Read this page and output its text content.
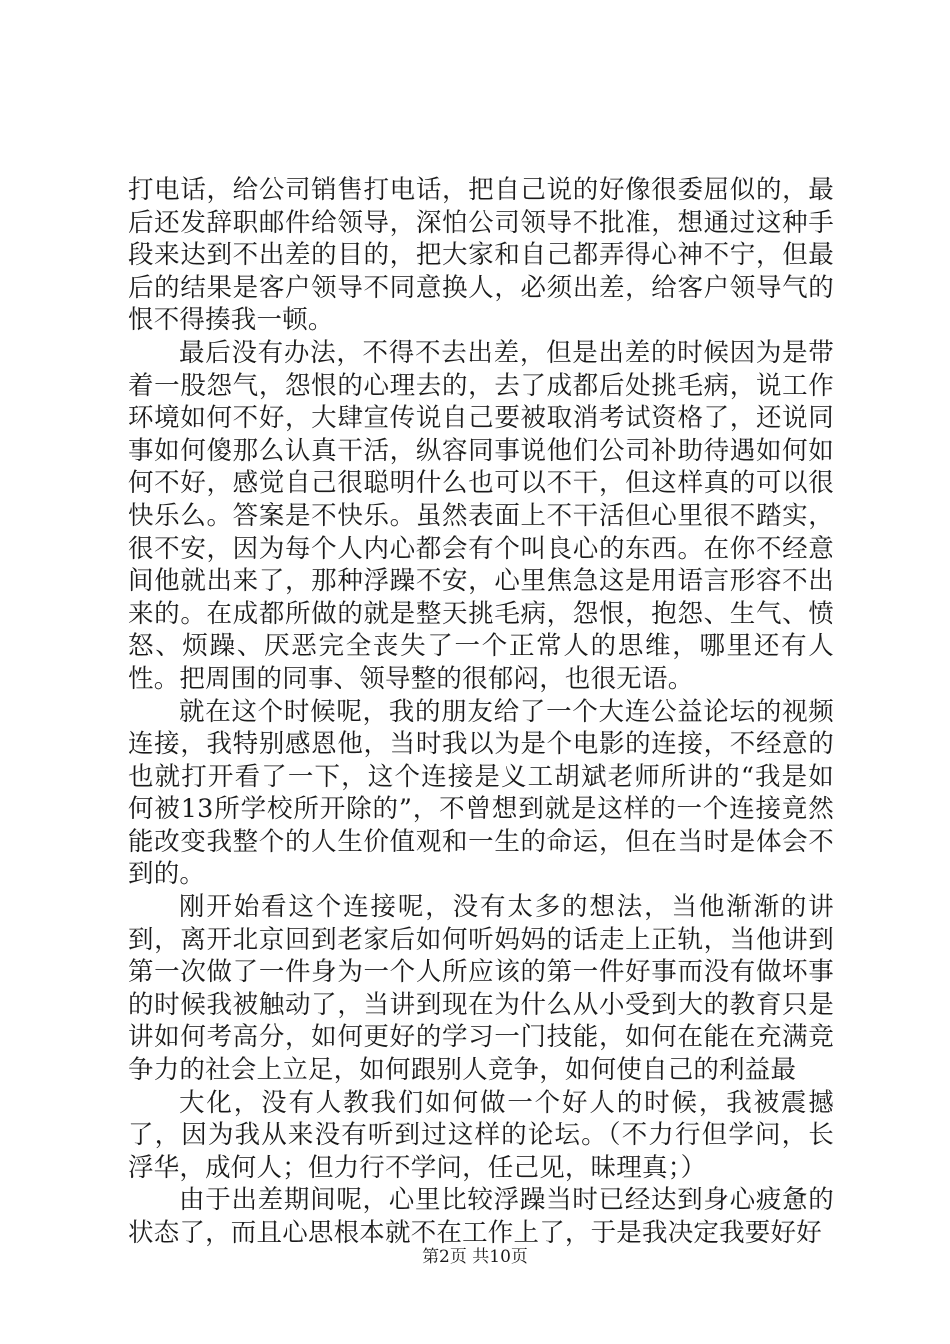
打电话，给公司销售打电话，把自己说的好像很委屈似的，最后还发辞职邮件给领导，深怕公司领导不批准，想通过这种手段来达到不出差的目的，把大家和自己都弄得心神不宁，但最后的结果是客户领导不同意换人，必须出差，给客户领导气的恨不得揍我一顿。

最后没有办法，不得不去出差，但是出差的时候因为是带着一股怨气，怨恨的心理去的，去了成都后处挑毛病，说工作环境如何不好，大肆宣传说自己要被取消考试资格了，还说同事如何傻那么认真干活，纵容同事说他们公司补助待遇如何如何不好，感觉自己很聪明什么也可以不干，但这样真的可以很快乐么。答案是不快乐。虽然表面上不干活但心里很不踏实，很不安，因为每个人内心都会有个叫良心的东西。在你不经意间他就出来了，那种浮躁不安，心里焦急这是用语言形容不出来的。在成都所做的就是整天挑毛病，怨恨，抱怨、生气、愤怒、烦躁、厌恶完全丧失了一个正常人的思维，哪里还有人性。把周围的同事、领导整的很郁闷，也很无语。

就在这个时候呢，我的朋友给了一个大连公益论坛的视频连接，我特别感恩他，当时我以为是个电影的连接，不经意的也就打开看了一下，这个连接是义工胡斌老师所讲的“我是如何被13所学校所开除的”，不曾想到就是这样的一个连接竟然能改变我整个的人生价值观和一生的命运，但在当时是体会不到的。

刚开始看这个连接呢，没有太多的想法，当他渐渐的讲到，离开北京回到老家后如何听妈妈的话走上正轨，当他讲到第一次做了一件身为一个人所应该的第一件好事而没有做坏事的时候我被触动了，当讲到现在为什么从小受到大的教育只是讲如何考高分，如何更好的学习一门技能，如何在能在充满竞争力的社会上立足，如何跟别人竞争，如何使自己的利益最

大化，没有人教我们如何做一个好人的时候，我被震撼了，因为我从来没有听到过这样的论坛。（不力行但学问，长浮华，成何人；但力行不学问，任己见，昧理真；）

由于出差期间呢，心里比较浮躁当时已经达到身心疲惫的状态了，而且心思根本就不在工作上了，于是我决定我要好好

第2页 共10页
